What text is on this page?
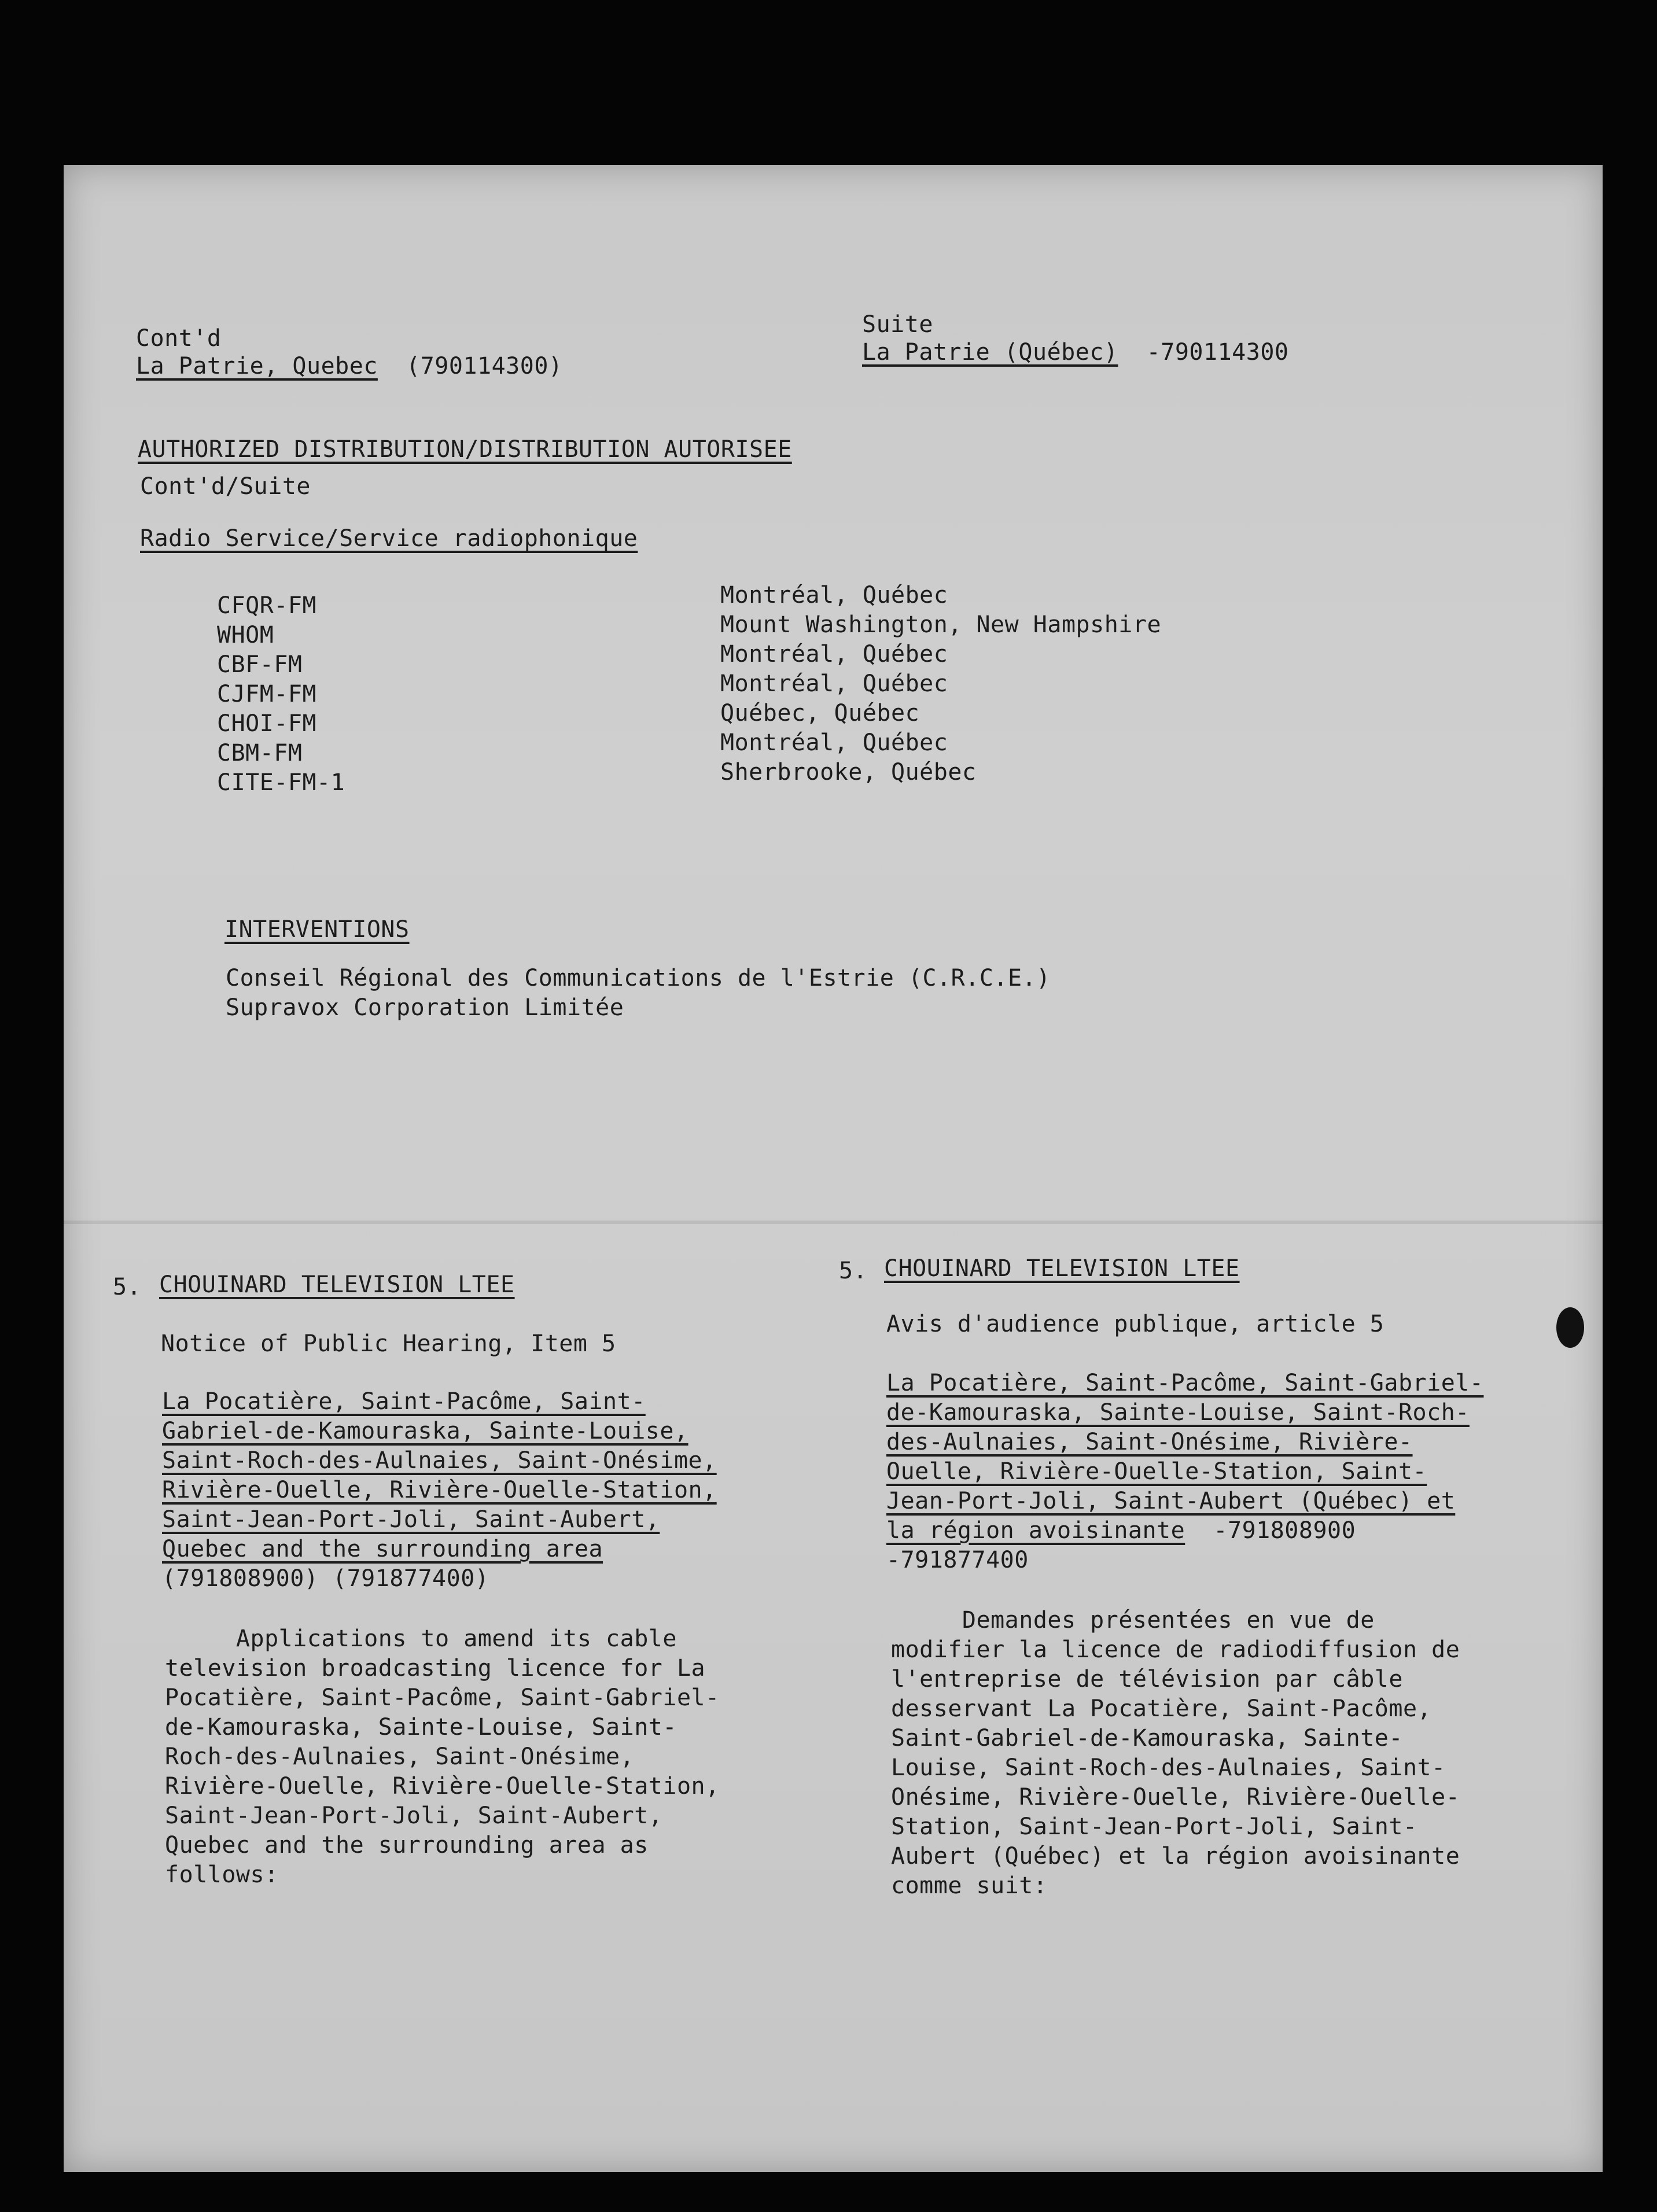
Cont'd
La Patrie, Quebec (790114300)
Suite
La Patrie (Québec) -790114300
AUTHORIZED DISTRIBUTION/DISTRIBUTION AUTORISEE
Cont'd/Suite
Radio Service/Service radiophonique
CFQR-FM
WHOM
CBF-FM
CJFM-FM
CHOI-FM
CBM-FM
CITE-FM-1
Montréal, Québec
Mount Washington, New Hampshire
Montréal, Québec
Montréal, Québec
Québec, Québec
Montréal, Québec
Sherbrooke, Québec
INTERVENTIONS
Conseil Régional des Communications de l'Estrie (C.R.C.E.)
Supravox Corporation Limitée
5. CHOUINARD TELEVISION LTEE
Notice of Public Hearing, Item 5
La Pocatière, Saint-Pacôme, Saint-
Gabriel-de-Kamouraska, Sainte-Louise,
Saint-Roch-des-Aulnaies, Saint-Onésime,
Rivière-Ouelle, Rivière-Ouelle-Station,
Saint-Jean-Port-Joli, Saint-Aubert,
Quebec and the surrounding area
(791808900) (791877400)
Applications to amend its cable
television broadcasting licence for La
Pocatière, Saint-Pacôme, Saint-Gabriel-
de-Kamouraska, Sainte-Louise, Saint-
Roch-des-Aulnaies, Saint-Onésime,
Rivière-Ouelle, Rivière-Ouelle-Station,
Saint-Jean-Port-Joli, Saint-Aubert,
Quebec and the surrounding area as
follows:
5. CHOUINARD TELEVISION LTEE
Avis d'audience publique, article 5
La Pocatière, Saint-Pacôme, Saint-Gabriel-
de-Kamouraska, Sainte-Louise, Saint-Roch-
des-Aulnaies, Saint-Onésime, Rivière-
Ouelle, Rivière-Ouelle-Station, Saint-
Jean-Port-Joli, Saint-Aubert (Québec) et
la région avoisinante  -791808900
-791877400
Demandes présentées en vue de
modifier la licence de radiodiffusion de
l'entreprise de télévision par câble
desservant La Pocatière, Saint-Pacôme,
Saint-Gabriel-de-Kamouraska, Sainte-
Louise, Saint-Roch-des-Aulnaies, Saint-
Onésime, Rivière-Ouelle, Rivière-Ouelle-
Station, Saint-Jean-Port-Joli, Saint-
Aubert (Québec) et la région avoisinante
comme suit:
